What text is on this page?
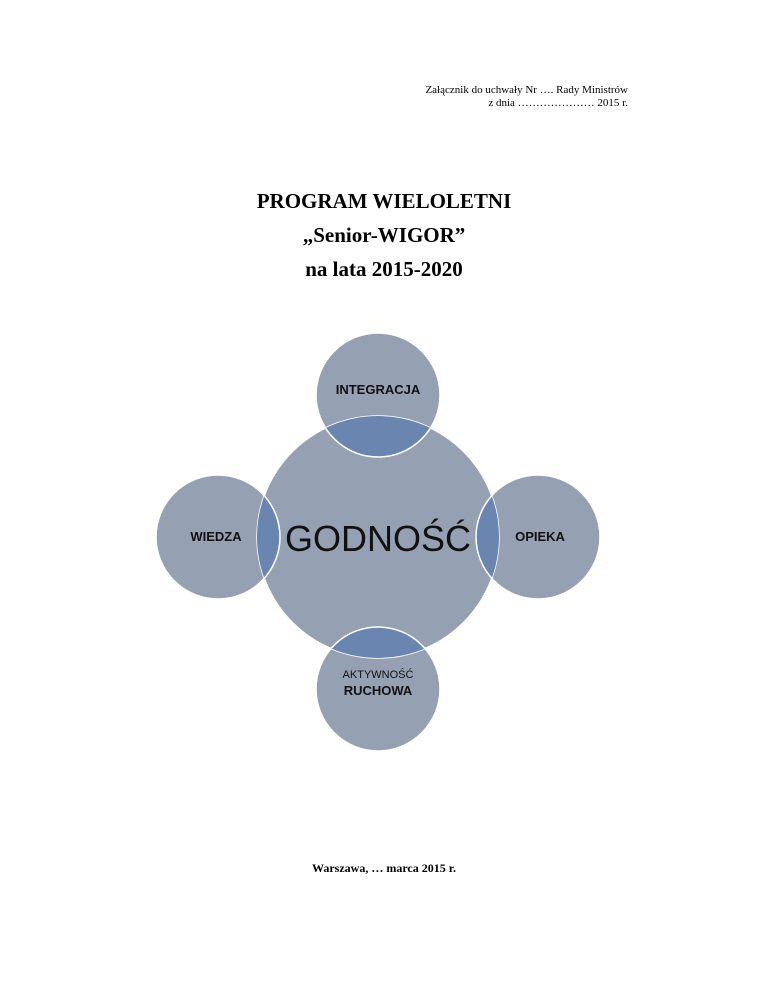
Załącznik do uchwały Nr …. Rady Ministrów
z dnia ………………… 2015 r.
PROGRAM WIELOLETNI
„Senior-WIGOR”
na lata 2015-2020
INTEGRACJA
WIEDZA	OPIEKA
GODNOŚĆ
AKTYWNOŚĆ
RUCHOWA
Warszawa, … marca 2015 r.
